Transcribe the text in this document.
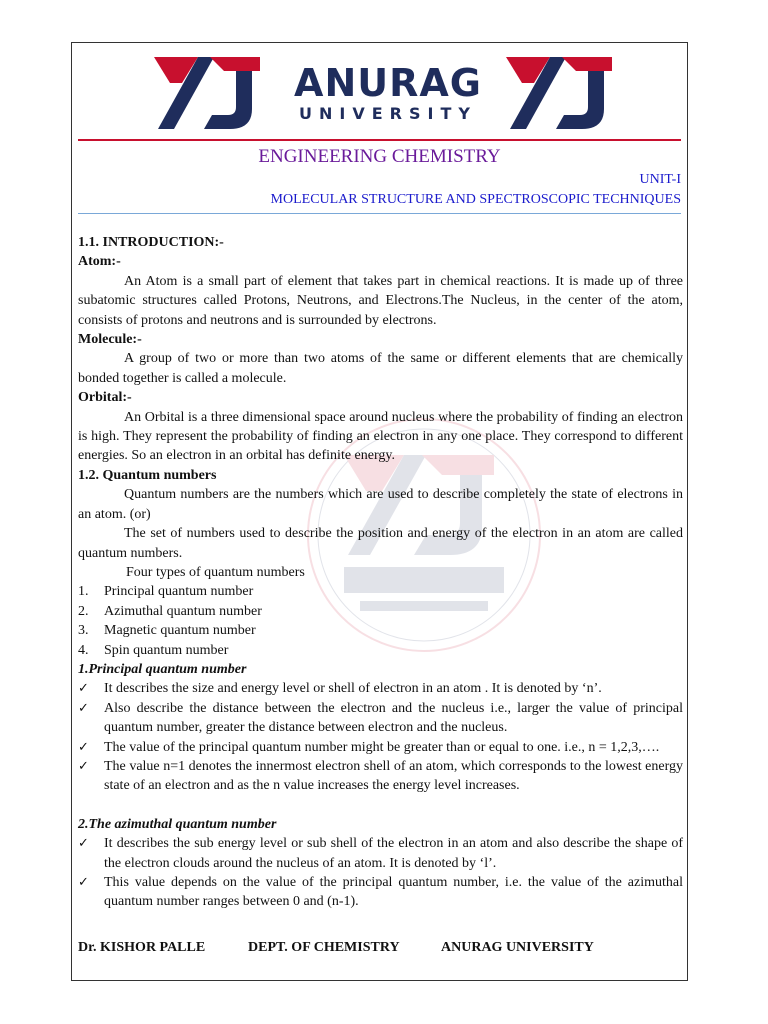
ANURAG
UNIVERSITY
ENGINEERING CHEMISTRY
UNIT-I
MOLECULAR STRUCTURE AND SPECTROSCOPIC TECHNIQUES

1.1. INTRODUCTION:-

Atom:-

An Atom is a small part of element that takes part in chemical reactions. It is made up of three subatomic structures called Protons, Neutrons, and Electrons.The Nucleus, in the center of the atom, consists of protons and neutrons and is surrounded by electrons.

Molecule:-

A group of two or more than two atoms of the same or different elements that are chemically bonded together is called a molecule.

Orbital:-

An Orbital is a three dimensional space around nucleus where the probability of finding an electron is high. They represent the probability of finding an electron in any one place. They correspond to different energies. So an electron in an orbital has definite energy.

1.2. Quantum numbers

Quantum numbers are the numbers which are used to describe completely the state of electrons in an atom. (or)

The set of numbers used to describe the position and energy of the electron in an atom are called quantum numbers.

Four types of quantum numbers

1. Principal quantum number
2. Azimuthal quantum number
3. Magnetic quantum number
4. Spin quantum number

1.Principal quantum number

✓ It describes the size and energy level or shell of electron in an atom . It is denoted by ‘n’.
✓ Also describe the distance between the electron and the nucleus i.e., larger the value of principal quantum number, greater the distance between electron and the nucleus.
✓ The value of the principal quantum number might be greater than or equal to one. i.e., n = 1,2,3,….
✓ The value n=1 denotes the innermost electron shell of an atom, which corresponds to the lowest energy state of an electron and as the n value increases the energy level increases.

2.The azimuthal quantum number

✓ It describes the sub energy level or sub shell of the electron in an atom and also describe the shape of the electron clouds around the nucleus of an atom. It is denoted by ‘l’.
✓ This value depends on the value of the principal quantum number, i.e. the value of the azimuthal quantum number ranges between 0 and (n-1).
Dr. KISHOR PALLE	DEPT. OF CHEMISTRY	ANURAG UNIVERSITY
